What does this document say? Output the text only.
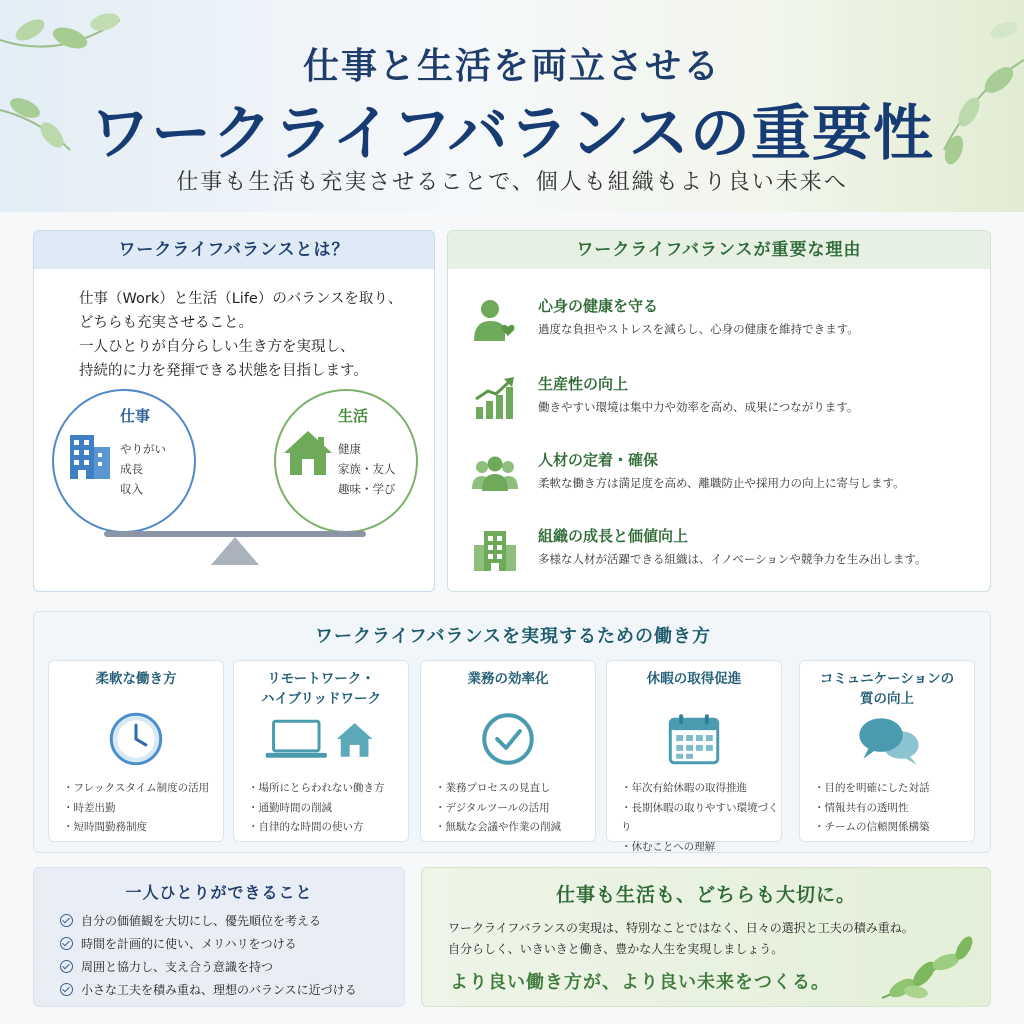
仕事と生活を両立させる
ワークライフバランスの重要性
仕事も生活も充実させることで、個人も組織もより良い未来へ
ワークライフバランスとは？
仕事（Work）と生活（Life）のバランスを取り、
どちらも充実させること。
一人ひとりが自分らしい生き方を実現し、
持続的に力を発揮できる状態を目指します。
仕事
やりがい
成長
収入
生活
健康
家族・友人
趣味・学び
ワークライフバランスが重要な理由
心身の健康を守る
過度な負担やストレスを減らし、心身の健康を維持できます。
生産性の向上
働きやすい環境は集中力や効率を高め、成果につながります。
人材の定着・確保
柔軟な働き方は満足度を高め、離職防止や採用力の向上に寄与します。
組織の成長と価値向上
多様な人材が活躍できる組織は、イノベーションや競争力を生み出します。
ワークライフバランスを実現するための働き方
柔軟な働き方
・フレックスタイム制度の活用
・時差出勤
・短時間勤務制度
リモートワーク・
ハイブリッドワーク
・場所にとらわれない働き方
・通勤時間の削減
・自律的な時間の使い方
業務の効率化
・業務プロセスの見直し
・デジタルツールの活用
・無駄な会議や作業の削減
休暇の取得促進
・年次有給休暇の取得推進
・長期休暇の取りやすい環境づくり
・休むことへの理解
コミュニケーションの
質の向上
・目的を明確にした対話
・情報共有の透明性
・チームの信頼関係構築
一人ひとりができること
自分の価値観を大切にし、優先順位を考える
時間を計画的に使い、メリハリをつける
周囲と協力し、支え合う意識を持つ
小さな工夫を積み重ね、理想のバランスに近づける
仕事も生活も、どちらも大切に。
ワークライフバランスの実現は、特別なことではなく、日々の選択と工夫の積み重ね。
自分らしく、いきいきと働き、豊かな人生を実現しましょう。
より良い働き方が、より良い未来をつくる。
